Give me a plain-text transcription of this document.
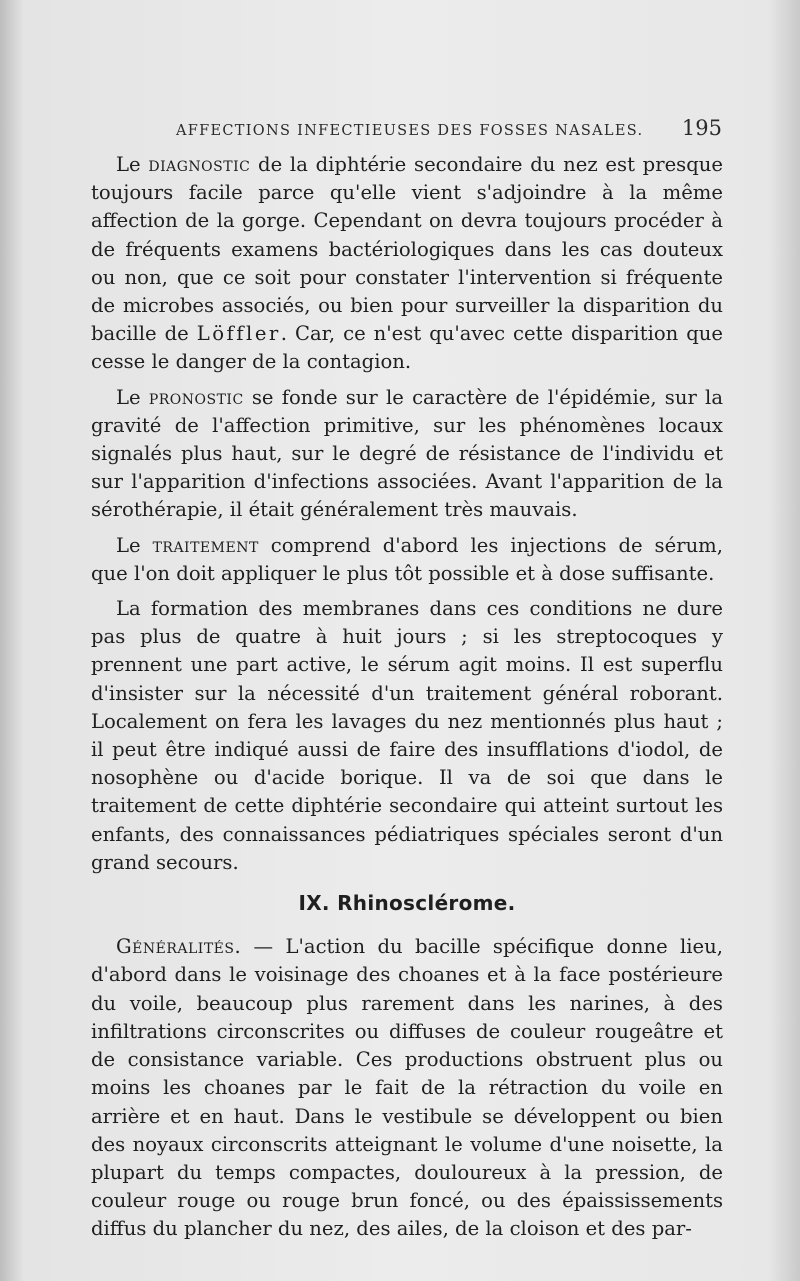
AFFECTIONS INFECTIEUSES DES FOSSES NASALES. 195

Le diagnostic de la diphtérie secondaire du nez est presque toujours facile parce qu'elle vient s'adjoindre à la même affection de la gorge. Cependant on devra toujours procéder à de fréquents examens bactériologiques dans les cas douteux ou non, que ce soit pour constater l'intervention si fréquente de microbes associés, ou bien pour surveiller la disparition du bacille de Löffler. Car, ce n'est qu'avec cette disparition que cesse le danger de la contagion.

Le pronostic se fonde sur le caractère de l'épidémie, sur la gravité de l'affection primitive, sur les phénomènes locaux signalés plus haut, sur le degré de résistance de l'individu et sur l'apparition d'infections associées. Avant l'apparition de la sérothérapie, il était généralement très mauvais.

Le traitement comprend d'abord les injections de sérum, que l'on doit appliquer le plus tôt possible et à dose suffisante.

La formation des membranes dans ces conditions ne dure pas plus de quatre à huit jours ; si les streptocoques y prennent une part active, le sérum agit moins. Il est superflu d'insister sur la nécessité d'un traitement général roborant. Localement on fera les lavages du nez mentionnés plus haut ; il peut être indiqué aussi de faire des insufflations d'iodol, de nosophène ou d'acide borique. Il va de soi que dans le traitement de cette diphtérie secondaire qui atteint surtout les enfants, des connaissances pédiatriques spéciales seront d'un grand secours.

IX. Rhinosclérome.

Généralités. — L'action du bacille spécifique donne lieu, d'abord dans le voisinage des choanes et à la face postérieure du voile, beaucoup plus rarement dans les narines, à des infiltrations circonscrites ou diffuses de couleur rougeâtre et de consistance variable. Ces productions obstruent plus ou moins les choanes par le fait de la rétraction du voile en arrière et en haut. Dans le vestibule se développent ou bien des noyaux circonscrits atteignant le volume d'une noisette, la plupart du temps compactes, douloureux à la pression, de couleur rouge ou rouge brun foncé, ou des épaississements diffus du plancher du nez, des ailes, de la cloison et des par-
